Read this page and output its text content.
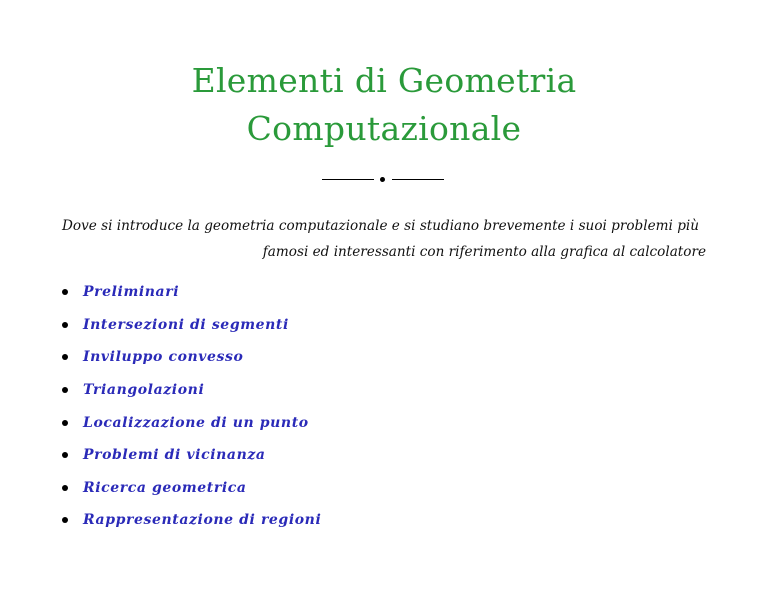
Elementi di Geometria
Computazionale
Dove si introduce la geometria computazionale e si studiano brevemente i suoi problemi più
famosi ed interessanti con riferimento alla grafica al calcolatore
Preliminari
Intersezioni di segmenti
Inviluppo convesso
Triangolazioni
Localizzazione di un punto
Problemi di vicinanza
Ricerca geometrica
Rappresentazione di regioni
